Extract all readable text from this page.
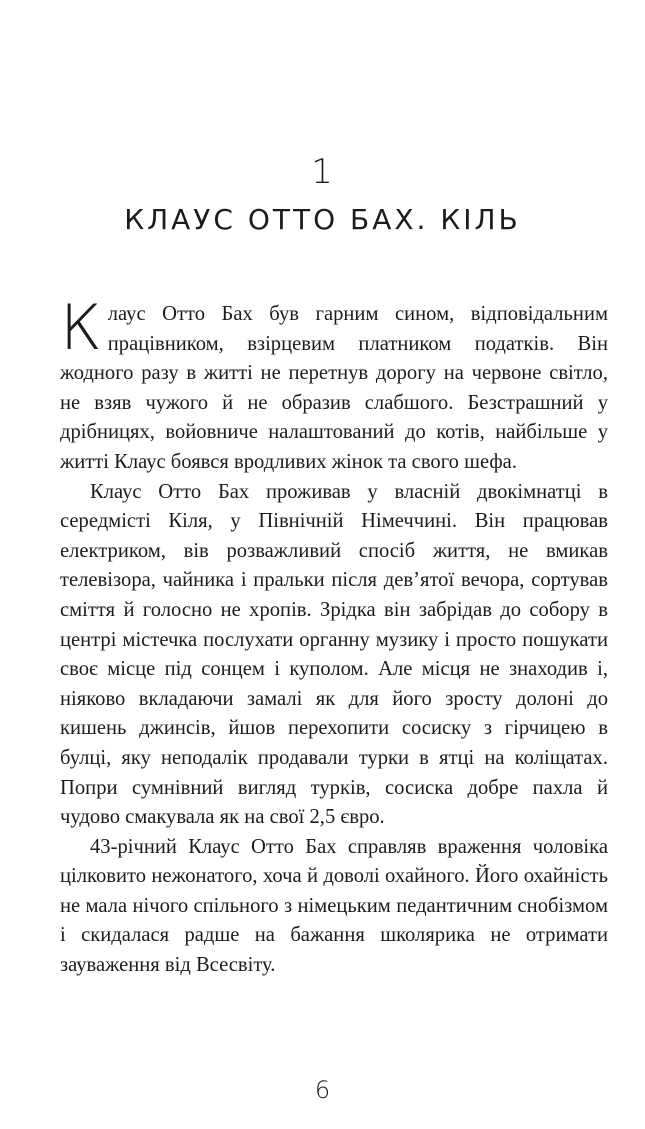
1
КЛАУС ОТТО БАХ. КІЛЬ

Клаус Отто Бах був гарним сином, відповідальним працівником, взірцевим платником податків. Він жодного разу в житті не перетнув дорогу на червоне світло, не взяв чужого й не образив слабшого. Безстрашний у дрібницях, войовниче налаштований до котів, найбільше у житті Клаус боявся вродливих жінок та свого шефа.

Клаус Отто Бах проживав у власній двокімнатці в середмісті Кіля, у Північній Німеччині. Він працював електриком, вів розважливий спосіб життя, не вмикав телевізора, чайника і пральки після дев’ятої вечора, сортував сміття й голосно не хропів. Зрідка він забрідав до собору в центрі містечка послухати органну музику і просто пошукати своє місце під сонцем і куполом. Але місця не знаходив і, ніяково вкладаючи замалі як для його зросту долоні до кишень джинсів, йшов перехопити сосиску з гірчицею в булці, яку неподалік продавали турки в ятці на коліщатах. Попри сумнівний вигляд турків, сосиска добре пахла й чудово смакувала як на свої 2,5 євро.

43-річний Клаус Отто Бах справляв враження чоловіка цілковито нежонатого, хоча й доволі охайного. Його охайність не мала нічого спільного з німецьким педантичним снобізмом і скидалася радше на бажання школярика не отримати зауваження від Всесвіту.

6
